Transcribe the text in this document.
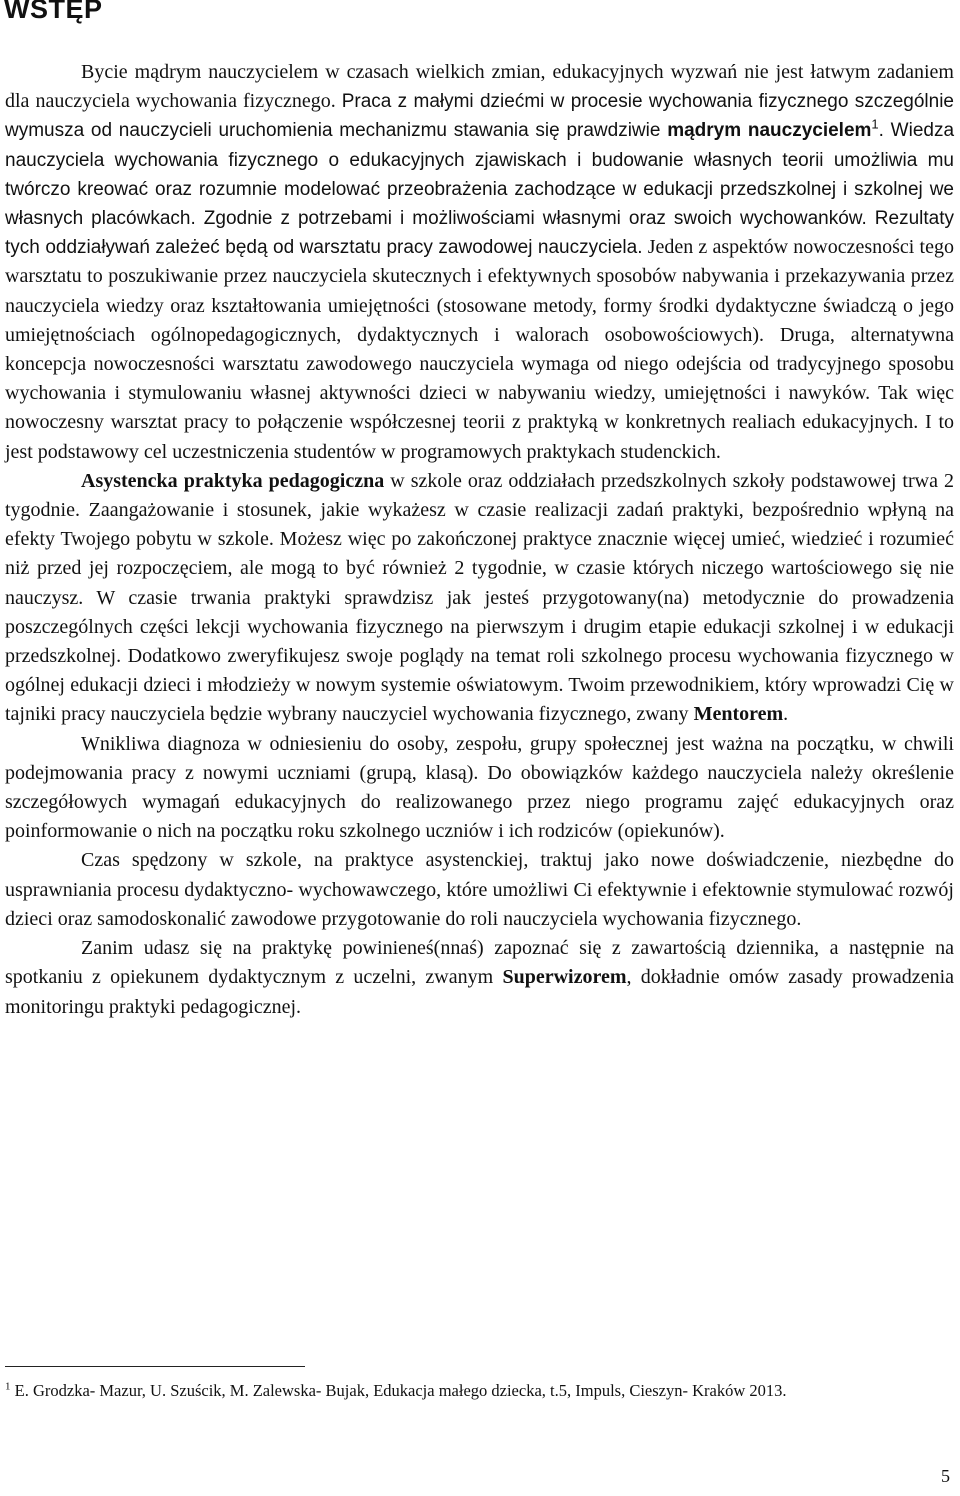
WSTĘP

Bycie mądrym nauczycielem w czasach wielkich zmian, edukacyjnych wyzwań nie jest łatwym zadaniem dla nauczyciela wychowania fizycznego. Praca z małymi dziećmi w procesie wychowania fizycznego szczególnie wymusza od nauczycieli uruchomienia mechanizmu stawania się prawdziwie mądrym nauczycielem$^1$. Wiedza nauczyciela wychowania fizycznego o edukacyjnych zjawiskach i budowanie własnych teorii umożliwia mu twórczo kreować oraz rozumnie modelować przeobrażenia zachodzące w edukacji przedszkolnej i szkolnej we własnych placówkach. Zgodnie z potrzebami i możliwościami własnymi oraz swoich wychowanków. Rezultaty tych oddziaływań zależeć będą od warsztatu pracy zawodowej nauczyciela. Jeden z aspektów nowoczesności tego warsztatu to poszukiwanie przez nauczyciela skutecznych i efektywnych sposobów nabywania i przekazywania przez nauczyciela wiedzy oraz kształtowania umiejętności (stosowane metody, formy środki dydaktyczne świadczą o jego umiejętnościach ogólnopedagogicznych, dydaktycznych i walorach osobowościowych). Druga, alternatywna koncepcja nowoczesności warsztatu zawodowego nauczyciela wymaga od niego odejścia od tradycyjnego sposobu wychowania i stymulowaniu własnej aktywności dzieci w nabywaniu wiedzy, umiejętności i nawyków. Tak więc nowoczesny warsztat pracy to połączenie współczesnej teorii z praktyką w konkretnych realiach edukacyjnych. I to jest podstawowy cel uczestniczenia studentów w programowych praktykach studenckich.

Asystencka praktyka pedagogiczna w szkole oraz oddziałach przedszkolnych szkoły podstawowej trwa 2 tygodnie. Zaangażowanie i stosunek, jakie wykażesz w czasie realizacji zadań praktyki, bezpośrednio wpłyną na efekty Twojego pobytu w szkole. Możesz więc po zakończonej praktyce znacznie więcej umieć, wiedzieć i rozumieć niż przed jej rozpoczęciem, ale mogą to być również 2 tygodnie, w czasie których niczego wartościowego się nie nauczysz. W czasie trwania praktyki sprawdzisz jak jesteś przygotowany(na) metodycznie do prowadzenia poszczególnych części lekcji wychowania fizycznego na pierwszym i drugim etapie edukacji szkolnej i w edukacji przedszkolnej. Dodatkowo zweryfikujesz swoje poglądy na temat roli szkolnego procesu wychowania fizycznego w ogólnej edukacji dzieci i młodzieży w nowym systemie oświatowym. Twoim przewodnikiem, który wprowadzi Cię w tajniki pracy nauczyciela będzie wybrany nauczyciel wychowania fizycznego, zwany Mentorem.

Wnikliwa diagnoza w odniesieniu do osoby, zespołu, grupy społecznej jest ważna na początku, w chwili podejmowania pracy z nowymi uczniami (grupą, klasą). Do obowiązków każdego nauczyciela należy określenie szczegółowych wymagań edukacyjnych do realizowanego przez niego programu zajęć edukacyjnych oraz poinformowanie o nich na początku roku szkolnego uczniów i ich rodziców (opiekunów).

Czas spędzony w szkole, na praktyce asystenckiej, traktuj jako nowe doświadczenie, niezbędne do usprawniania procesu dydaktyczno- wychowawczego, które umożliwi Ci efektywnie i efektownie stymulować rozwój dzieci oraz samodoskonalić zawodowe przygotowanie do roli nauczyciela wychowania fizycznego.

Zanim udasz się na praktykę powinieneś(nnaś) zapoznać się z zawartością dziennika, a następnie na spotkaniu z opiekunem dydaktycznym z uczelni, zwanym Superwizorem, dokładnie omów zasady prowadzenia monitoringu praktyki pedagogicznej.

$^1$ E. Grodzka- Mazur, U. Szuścik, M. Zalewska- Bujak, Edukacja małego dziecka, t.5, Impuls, Cieszyn- Kraków 2013.
5
